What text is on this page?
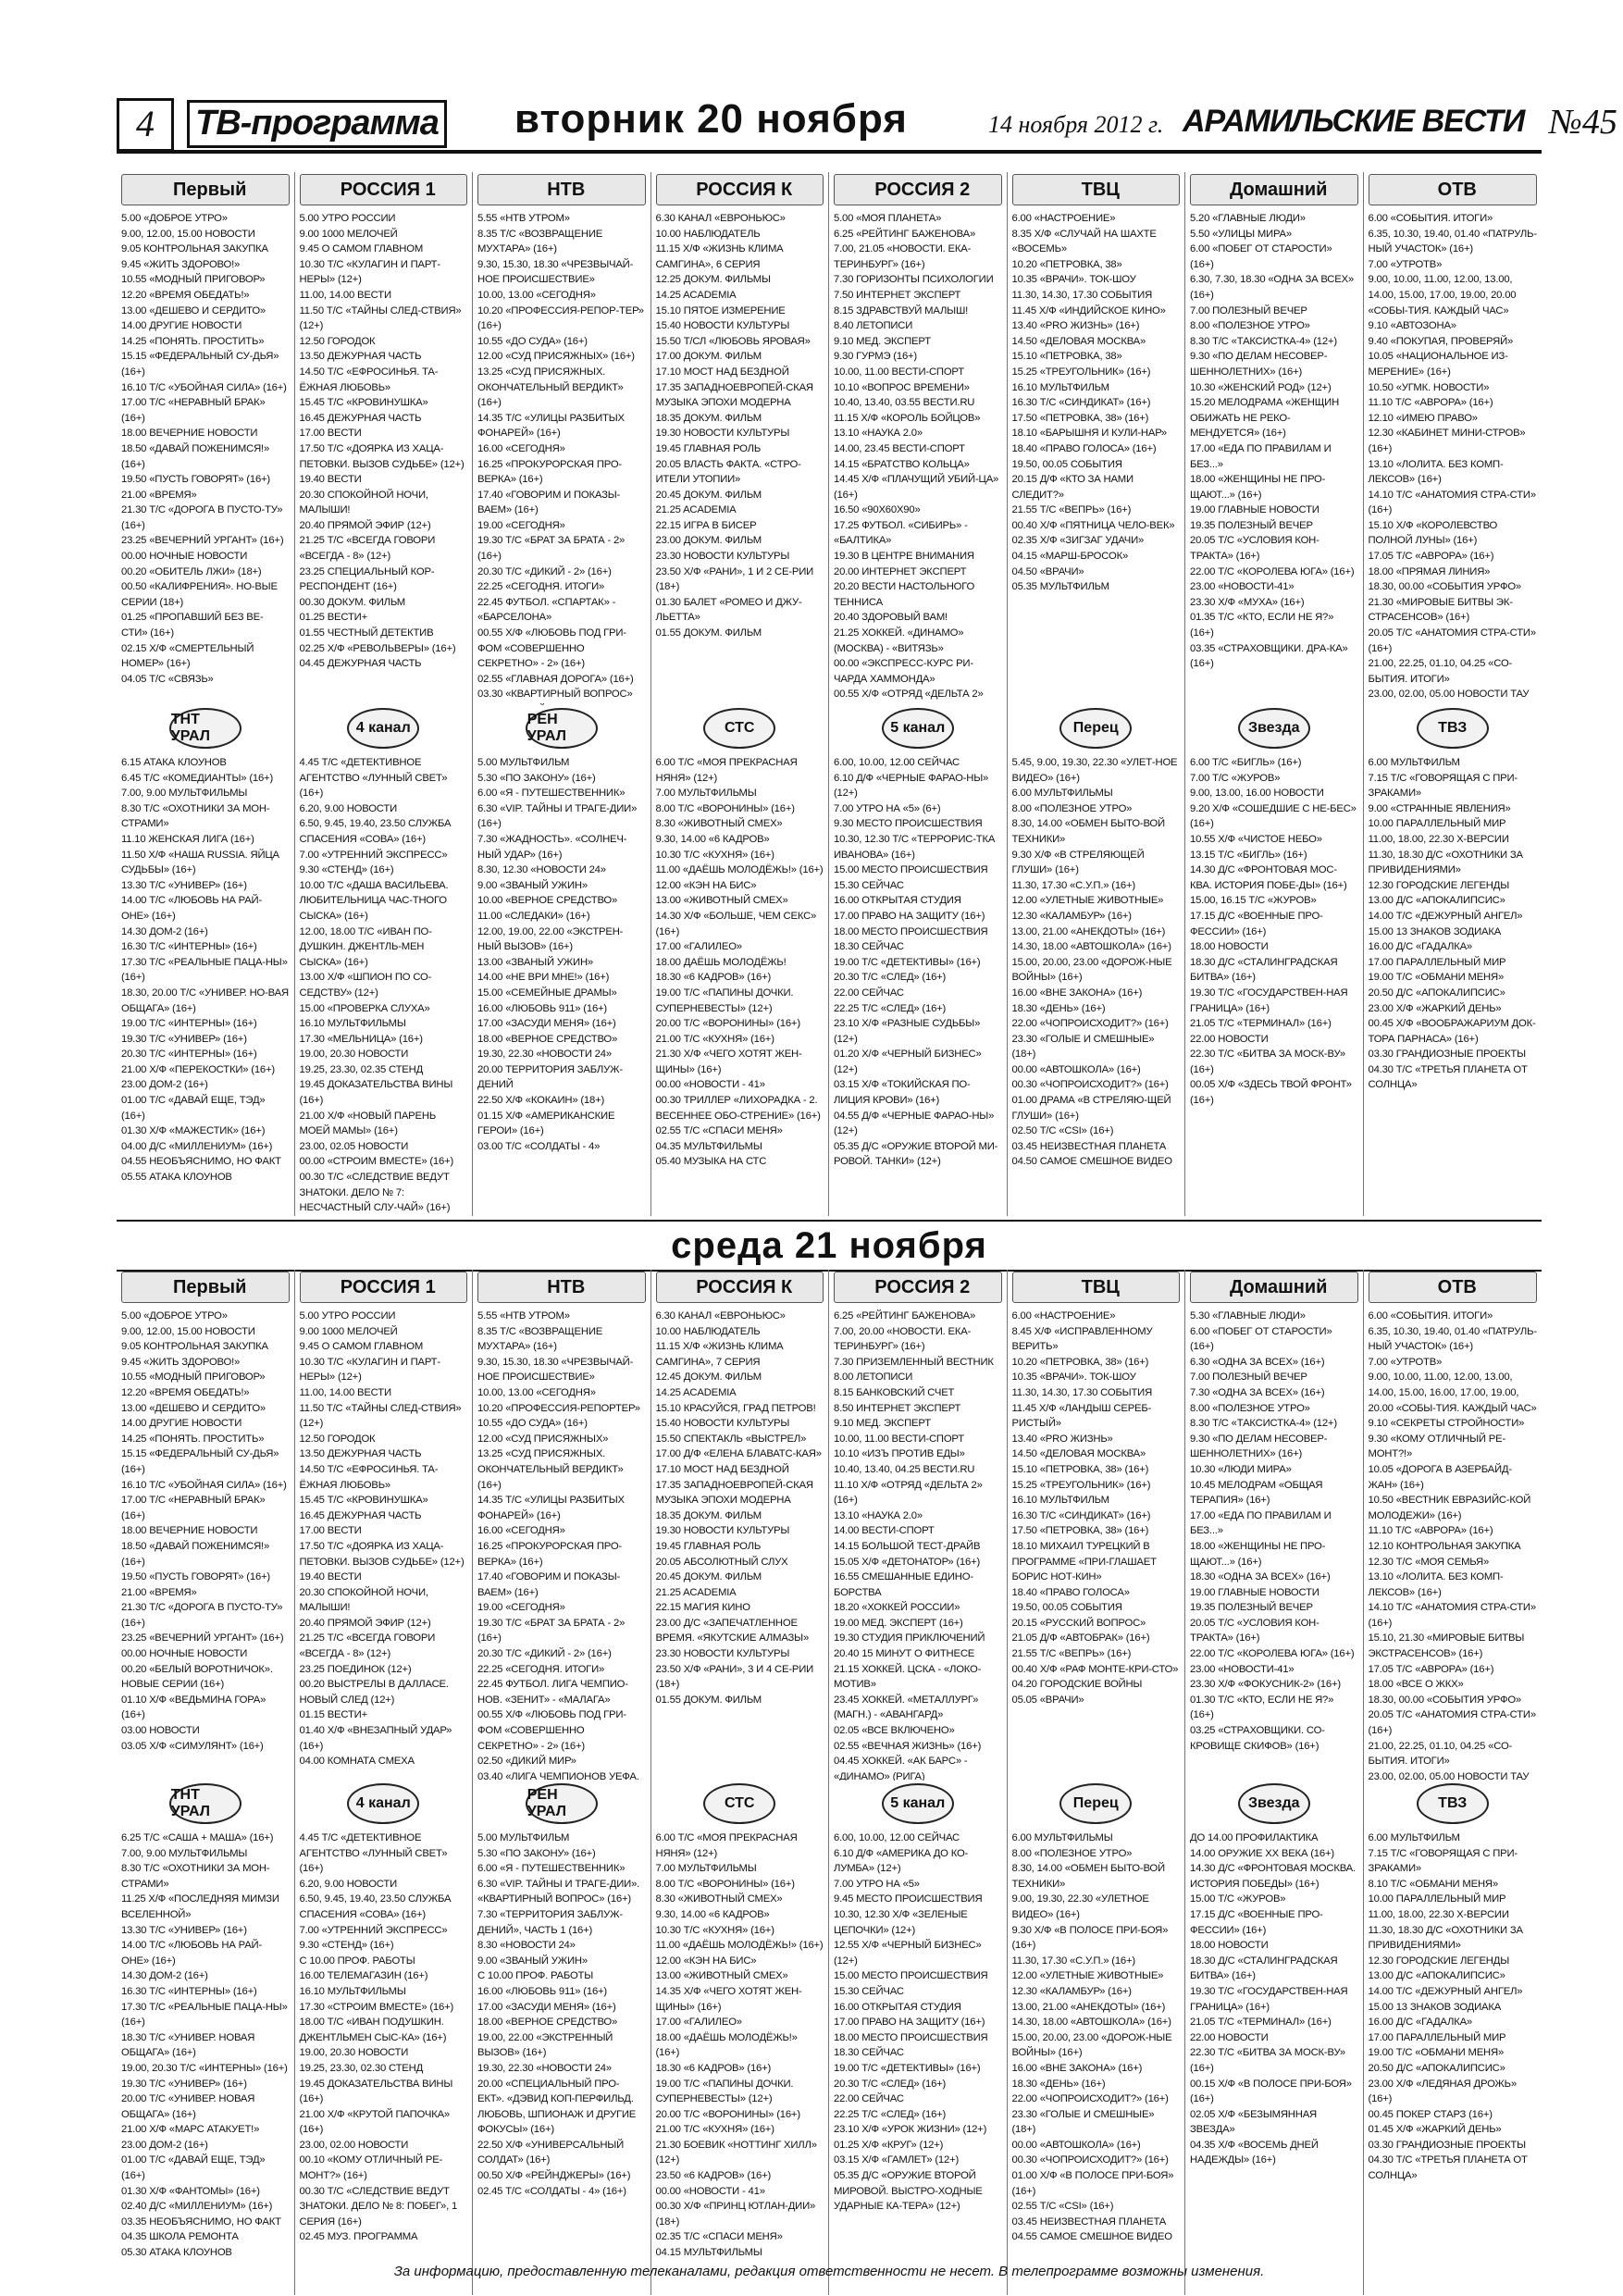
4	ТВ-программа вторник 20 ноября	14 ноября 2012 г. АРАМИЛЬСКИЕ ВЕСТИ №45
Первый
5.00 «ДОБРОЕ УТРО»
9.00, 12.00, 15.00 НОВОСТИ
9.05 КОНТРОЛЬНАЯ ЗАКУПКА
9.45 «ЖИТЬ ЗДОРОВО!»
10.55 «МОДНЫЙ ПРИГОВОР»
12.20 «ВРЕМЯ ОБЕДАТЬ!»
13.00 «ДЕШЕВО И СЕРДИТО»
14.00 ДРУГИЕ НОВОСТИ
14.25 «ПОНЯТЬ. ПРОСТИТЬ»
15.15 «ФЕДЕРАЛЬНЫЙ СУ-ДЬЯ» (16+)
16.10 Т/С «УБОЙНАЯ СИЛА» (16+)
17.00 Т/С «НЕРАВНЫЙ БРАК» (16+)
18.00 ВЕЧЕРНИЕ НОВОСТИ
18.50 «ДАВАЙ ПОЖЕНИМСЯ!» (16+)
19.50 «ПУСТЬ ГОВОРЯТ» (16+)
21.00 «ВРЕМЯ»
21.30 Т/С «ДОРОГА В ПУСТО-ТУ» (16+)
23.25 «ВЕЧЕРНИЙ УРГАНТ» (16+)
00.00 НОЧНЫЕ НОВОСТИ
00.20 «ОБИТЕЛЬ ЛЖИ» (18+)
00.50 «КАЛИФРЕНИЯ». НО-ВЫЕ СЕРИИ (18+)
01.25 «ПРОПАВШИЙ БЕЗ ВЕ-СТИ» (16+)
02.15 Х/Ф «СМЕРТЕЛЬНЫЙ НОМЕР» (16+)
04.05 Т/С «СВЯЗЬ»
РОССИЯ 1
5.00 УТРО РОССИИ
9.00 1000 МЕЛОЧЕЙ
9.45 О САМОМ ГЛАВНОМ
10.30 Т/С «КУЛАГИН И ПАРТ-НЕРЫ» (12+)
11.00, 14.00 ВЕСТИ
11.50 Т/С «ТАЙНЫ СЛЕД-СТВИЯ» (12+)
12.50 ГОРОДОК
13.50 ДЕЖУРНАЯ ЧАСТЬ
14.50 Т/С «ЕФРОСИНЬЯ. ТА-ЁЖНАЯ ЛЮБОВЬ»
15.45 Т/С «КРОВИНУШКА»
16.45 ДЕЖУРНАЯ ЧАСТЬ
17.00 ВЕСТИ
17.50 Т/С «ДОЯРКА ИЗ ХАЦА-ПЕТОВКИ. ВЫЗОВ СУДЬБЕ» (12+)
19.40 ВЕСТИ
20.30 СПОКОЙНОЙ НОЧИ, МАЛЫШИ!
20.40 ПРЯМОЙ ЭФИР (12+)
21.25 Т/С «ВСЕГДА ГОВОРИ «ВСЕГДА - 8» (12+)
23.25 СПЕЦИАЛЬНЫЙ КОР-РЕСПОНДЕНТ (16+)
00.30 ДОКУМ. ФИЛЬМ
01.25 ВЕСТИ+
01.55 ЧЕСТНЫЙ ДЕТЕКТИВ
02.25 Х/Ф «РЕВОЛЬВЕРЫ» (16+)
04.45 ДЕЖУРНАЯ ЧАСТЬ
НТВ
5.55 «НТВ УТРОМ»
8.35 Т/С «ВОЗВРАЩЕНИЕ МУХТАРА» (16+)
9.30, 15.30, 18.30 «ЧРЕЗВЫЧАЙ-НОЕ ПРОИСШЕСТВИЕ»
10.00, 13.00 «СЕГОДНЯ»
10.20 «ПРОФЕССИЯ-РЕПОР-ТЕР» (16+)
10.55 «ДО СУДА» (16+)
12.00 «СУД ПРИСЯЖНЫХ» (16+)
13.25 «СУД ПРИСЯЖНЫХ. ОКОНЧАТЕЛЬНЫЙ ВЕРДИКТ» (16+)
14.35 Т/С «УЛИЦЫ РАЗБИТЫХ ФОНАРЕЙ» (16+)
16.00 «СЕГОДНЯ»
16.25 «ПРОКУРОРСКАЯ ПРО-ВЕРКА» (16+)
17.40 «ГОВОРИМ И ПОКАЗЫ-ВАЕМ» (16+)
19.00 «СЕГОДНЯ»
19.30 Т/С «БРАТ ЗА БРАТА - 2» (16+)
20.30 Т/С «ДИКИЙ - 2» (16+)
22.25 «СЕГОДНЯ. ИТОГИ»
22.45 ФУТБОЛ. «СПАРТАК» - «БАРСЕЛОНА»
00.55 Х/Ф «ЛЮБОВЬ ПОД ГРИ-ФОМ «СОВЕРШЕННО СЕКРЕТНО» - 2» (16+)
02.55 «ГЛАВНАЯ ДОРОГА» (16+)
03.30 «КВАРТИРНЫЙ ВОПРОС»
РОССИЯ К
6.30 КАНАЛ «ЕВРОНЬЮС»
10.00 НАБЛЮДАТЕЛЬ
11.15 Х/Ф «ЖИЗНЬ КЛИМА САМГИНА», 6 СЕРИЯ
12.25 ДОКУМ. ФИЛЬМЫ
14.25 ACADEMIA
15.10 ПЯТОЕ ИЗМЕРЕНИЕ
15.40 НОВОСТИ КУЛЬТУРЫ
15.50 Т/СЛ «ЛЮБОВЬ ЯРОВАЯ»
17.00 ДОКУМ. ФИЛЬМ
17.10 МОСТ НАД БЕЗДНОЙ
17.35 ЗАПАДНОЕВРОПЕЙ-СКАЯ МУЗЫКА ЭПОХИ МОДЕРНА
18.35 ДОКУМ. ФИЛЬМ
19.30 НОВОСТИ КУЛЬТУРЫ
19.45 ГЛАВНАЯ РОЛЬ
20.05 ВЛАСТЬ ФАКТА. «СТРО-ИТЕЛИ УТОПИИ»
20.45 ДОКУМ. ФИЛЬМ
21.25 ACADEMIA
22.15 ИГРА В БИСЕР
23.00 ДОКУМ. ФИЛЬМ
23.30 НОВОСТИ КУЛЬТУРЫ
23.50 Х/Ф «РАНИ», 1 И 2 СЕ-РИИ (18+)
01.30 БАЛЕТ «РОМЕО И ДЖУ-ЛЬЕТТА»
01.55 ДОКУМ. ФИЛЬМ
РОССИЯ 2
5.00 «МОЯ ПЛАНЕТА»
6.25 «РЕЙТИНГ БАЖЕНОВА»
7.00, 21.05 «НОВОСТИ. ЕКА-ТЕРИНБУРГ» (16+)
7.30 ГОРИЗОНТЫ ПСИХОЛОГИИ
7.50 ИНТЕРНЕТ ЭКСПЕРТ
8.15 ЗДРАВСТВУЙ МАЛЫШ!
8.40 ЛЕТОПИСИ
9.10 МЕД. ЭКСПЕРТ
9.30 ГУРМЭ (16+)
10.00, 11.00 ВЕСТИ-СПОРТ
10.10 «ВОПРОС ВРЕМЕНИ»
10.40, 13.40, 03.55 ВЕСТИ.RU
11.15 Х/Ф «КОРОЛЬ БОЙЦОВ»
13.10 «НАУКА 2.0»
14.00, 23.45 ВЕСТИ-СПОРТ
14.15 «БРАТСТВО КОЛЬЦА»
14.45 Х/Ф «ПЛАЧУЩИЙ УБИЙ-ЦА» (16+)
16.50 «90Х60Х90»
17.25 ФУТБОЛ. «СИБИРЬ» - «БАЛТИКА»
19.30 В ЦЕНТРЕ ВНИМАНИЯ
20.00 ИНТЕРНЕТ ЭКСПЕРТ
20.20 ВЕСТИ НАСТОЛЬНОГО ТЕННИСА
20.40 ЗДОРОВЫЙ ВАМ!
21.25 ХОККЕЙ. «ДИНАМО» (МОСКВА) - «ВИТЯЗЬ»
00.00 «ЭКСПРЕСС-КУРС РИ-ЧАРДА ХАММОНДА»
00.55 Х/Ф «ОТРЯД «ДЕЛЬТА 2»
ТВЦ
6.00 «НАСТРОЕНИЕ»
8.35 Х/Ф «СЛУЧАЙ НА ШАХТЕ «ВОСЕМЬ»
10.20 «ПЕТРОВКА, 38»
10.35 «ВРАЧИ». ТОК-ШОУ
11.30, 14.30, 17.30 СОБЫТИЯ
11.45 Х/Ф «ИНДИЙСКОЕ КИНО»
13.40 «PRO ЖИЗНЬ» (16+)
14.50 «ДЕЛОВАЯ МОСКВА»
15.10 «ПЕТРОВКА, 38»
15.25 «ТРЕУГОЛЬНИК» (16+)
16.10 МУЛЬТФИЛЬМ
16.30 Т/С «СИНДИКАТ» (16+)
17.50 «ПЕТРОВКА, 38» (16+)
18.10 «БАРЫШНЯ И КУЛИ-НАР»
18.40 «ПРАВО ГОЛОСА» (16+)
19.50, 00.05 СОБЫТИЯ
20.15 Д/Ф «КТО ЗА НАМИ СЛЕДИТ?»
21.55 Т/С «ВЕПРЬ» (16+)
00.40 Х/Ф «ПЯТНИЦА ЧЕЛО-ВЕК»
02.35 Х/Ф «ЗИГЗАГ УДАЧИ»
04.15 «МАРШ-БРОСОК»
04.50 «ВРАЧИ»
05.35 МУЛЬТФИЛЬМ
Домашний
5.20 «ГЛАВНЫЕ ЛЮДИ»
5.50 «УЛИЦЫ МИРА»
6.00 «ПОБЕГ ОТ СТАРОСТИ» (16+)
6.30, 7.30, 18.30 «ОДНА ЗА ВСЕХ» (16+)
7.00 ПОЛЕЗНЫЙ ВЕЧЕР
8.00 «ПОЛЕЗНОЕ УТРО»
8.30 Т/С «ТАКСИСТКА-4» (12+)
9.30 «ПО ДЕЛАМ НЕСОВЕР-ШЕННОЛЕТНИХ» (16+)
10.30 «ЖЕНСКИЙ РОД» (12+)
15.20 МЕЛОДРАМА «ЖЕНЩИН ОБИЖАТЬ НЕ РЕКО-МЕНДУЕТСЯ» (16+)
17.00 «ЕДА ПО ПРАВИЛАМ И БЕЗ...»
18.00 «ЖЕНЩИНЫ НЕ ПРО-ЩАЮТ...» (16+)
19.00 ГЛАВНЫЕ НОВОСТИ
19.35 ПОЛЕЗНЫЙ ВЕЧЕР
20.05 Т/С «УСЛОВИЯ КОН-ТРАКТА» (16+)
22.00 Т/С «КОРОЛЕВА ЮГА» (16+)
23.00 «НОВОСТИ-41»
23.30 Х/Ф «МУХА» (16+)
01.35 Т/С «КТО, ЕСЛИ НЕ Я?» (16+)
03.35 «СТРАХОВЩИКИ. ДРА-КА» (16+)
ОТВ
6.00 «СОБЫТИЯ. ИТОГИ»
6.35, 10.30, 19.40, 01.40 «ПАТРУЛЬ-НЫЙ УЧАСТОК» (16+)
7.00 «УТРОТВ»
9.00, 10.00, 11.00, 12.00, 13.00, 14.00, 15.00, 17.00, 19.00, 20.00 «СОБЫ-ТИЯ. КАЖДЫЙ ЧАС»
9.10 «АВТОЗОНА»
9.40 «ПОКУПАЯ, ПРОВЕРЯЙ»
10.05 «НАЦИОНАЛЬНОЕ ИЗ-МЕРЕНИЕ» (16+)
10.50 «УГМК. НОВОСТИ»
11.10 Т/С «АВРОРА» (16+)
12.10 «ИМЕЮ ПРАВО»
12.30 «КАБИНЕТ МИНИ-СТРОВ» (16+)
13.10 «ЛОЛИТА. БЕЗ КОМП-ЛЕКСОВ» (16+)
14.10 Т/С «АНАТОМИЯ СТРА-СТИ» (16+)
15.10 Х/Ф «КОРОЛЕВСТВО ПОЛНОЙ ЛУНЫ» (16+)
17.05 Т/С «АВРОРА» (16+)
18.00 «ПРЯМАЯ ЛИНИЯ»
18.30, 00.00 «СОБЫТИЯ УРФО»
21.30 «МИРОВЫЕ БИТВЫ ЭК-СТРАСЕНСОВ» (16+)
20.05 Т/С «АНАТОМИЯ СТРА-СТИ» (16+)
21.00, 22.25, 01.10, 04.25 «СО-БЫТИЯ. ИТОГИ»
23.00, 02.00, 05.00 НОВОСТИ ТАУ
ТНТ УРАЛ
6.15 АТАКА КЛОУНОВ
6.45 Т/С «КОМЕДИАНТЫ» (16+)
7.00, 9.00 МУЛЬТФИЛЬМЫ
8.30 Т/С «ОХОТНИКИ ЗА МОН-СТРАМИ»
11.10 ЖЕНСКАЯ ЛИГА (16+)
11.50 Х/Ф «НАША RUSSIA. ЯЙЦА СУДЬБЫ» (16+)
13.30 Т/С «УНИВЕР» (16+)
14.00 Т/С «ЛЮБОВЬ НА РАЙ-ОНЕ» (16+)
14.30 ДОМ-2 (16+)
16.30 Т/С «ИНТЕРНЫ» (16+)
17.30 Т/С «РЕАЛЬНЫЕ ПАЦА-НЫ» (16+)
18.30, 20.00 Т/С «УНИВЕР. НО-ВАЯ ОБЩАГА» (16+)
19.00 Т/С «ИНТЕРНЫ» (16+)
19.30 Т/С «УНИВЕР» (16+)
20.30 Т/С «ИНТЕРНЫ» (16+)
21.00 Х/Ф «ПЕРЕКОСТКИ» (16+)
23.00 ДОМ-2 (16+)
01.00 Т/С «ДАВАЙ ЕЩЕ, ТЭД» (16+)
01.30 Х/Ф «МАЖЕСТИК» (16+)
04.00 Д/С «МИЛЛЕНИУМ» (16+)
04.55 НЕОБЪЯСНИМО, НО ФАКТ
05.55 АТАКА КЛОУНОВ
4 канал
4.45 Т/С «ДЕТЕКТИВНОЕ АГЕНТСТВО «ЛУННЫЙ СВЕТ» (16+)
6.20, 9.00 НОВОСТИ
6.50, 9.45, 19.40, 23.50 СЛУЖБА СПАСЕНИЯ «СОВА» (16+)
7.00 «УТРЕННИЙ ЭКСПРЕСС»
9.30 «СТЕНД» (16+)
10.00 Т/С «ДАША ВАСИЛЬЕВА. ЛЮБИТЕЛЬНИЦА ЧАС-ТНОГО СЫСКА» (16+)
12.00, 18.00 Т/С «ИВАН ПО-ДУШКИН. ДЖЕНТЛЬ-МЕН СЫСКА» (16+)
13.00 Х/Ф «ШПИОН ПО СО-СЕДСТВУ» (12+)
15.00 «ПРОВЕРКА СЛУХА»
16.10 МУЛЬТФИЛЬМЫ
17.30 «МЕЛЬНИЦА» (16+)
19.00, 20.30 НОВОСТИ
19.25, 23.30, 02.35 СТЕНД
19.45 ДОКАЗАТЕЛЬСТВА ВИНЫ (16+)
21.00 Х/Ф «НОВЫЙ ПАРЕНЬ МОЕЙ МАМЫ» (16+)
23.00, 02.05 НОВОСТИ
00.00 «СТРОИМ ВМЕСТЕ» (16+)
00.30 Т/С «СЛЕДСТВИЕ ВЕДУТ ЗНАТОКИ. ДЕЛО № 7: НЕСЧАСТНЫЙ СЛУ-ЧАЙ» (16+)
РЕН УРАЛ
5.00 МУЛЬТФИЛЬМ
5.30 «ПО ЗАКОНУ» (16+)
6.00 «Я - ПУТЕШЕСТВЕННИК»
6.30 «VIP. ТАЙНЫ И ТРАГЕ-ДИИ» (16+)
7.30 «ЖАДНОСТЬ». «СОЛНЕЧ-НЫЙ УДАР» (16+)
8.30, 12.30 «НОВОСТИ 24»
9.00 «ЗВАНЫЙ УЖИН»
10.00 «ВЕРНОЕ СРЕДСТВО»
11.00 «СЛЕДАКИ» (16+)
12.00, 19.00, 22.00 «ЭКСТРЕН-НЫЙ ВЫЗОВ» (16+)
13.00 «ЗВАНЫЙ УЖИН»
14.00 «НЕ ВРИ МНЕ!» (16+)
15.00 «СЕМЕЙНЫЕ ДРАМЫ»
16.00 «ЛЮБОВЬ 911» (16+)
17.00 «ЗАСУДИ МЕНЯ» (16+)
18.00 «ВЕРНОЕ СРЕДСТВО»
19.30, 22.30 «НОВОСТИ 24»
20.00 ТЕРРИТОРИЯ ЗАБЛУЖ-ДЕНИЙ
22.50 Х/Ф «КОКАИН» (18+)
01.15 Х/Ф «АМЕРИКАНСКИЕ ГЕРОИ» (16+)
03.00 Т/С «СОЛДАТЫ - 4»
СТС
6.00 Т/С «МОЯ ПРЕКРАСНАЯ НЯНЯ» (12+)
7.00 МУЛЬТФИЛЬМЫ
8.00 Т/С «ВОРОНИНЫ» (16+)
8.30 «ЖИВОТНЫЙ СМЕХ»
9.30, 14.00 «6 КАДРОВ»
10.30 Т/С «КУХНЯ» (16+)
11.00 «ДАЁШЬ МОЛОДЁЖЬ!» (16+)
12.00 «КЭН НА БИС»
13.00 «ЖИВОТНЫЙ СМЕХ»
14.30 Х/Ф «БОЛЬШЕ, ЧЕМ СЕКС» (16+)
17.00 «ГАЛИЛЕО»
18.00 ДАЁШЬ МОЛОДЁЖЬ!
18.30 «6 КАДРОВ» (16+)
19.00 Т/С «ПАПИНЫ ДОЧКИ. СУПЕРНЕВЕСТЫ» (12+)
20.00 Т/С «ВОРОНИНЫ» (16+)
21.00 Т/С «КУХНЯ» (16+)
21.30 Х/Ф «ЧЕГО ХОТЯТ ЖЕН-ЩИНЫ» (16+)
00.00 «НОВОСТИ - 41»
00.30 ТРИЛЛЕР «ЛИХОРАДКА - 2. ВЕСЕННЕЕ ОБО-СТРЕНИЕ» (16+)
02.55 Т/С «СПАСИ МЕНЯ»
04.35 МУЛЬТФИЛЬМЫ
05.40 МУЗЫКА НА СТС
5 канал
6.00, 10.00, 12.00 СЕЙЧАС
6.10 Д/Ф «ЧЕРНЫЕ ФАРАО-НЫ» (12+)
7.00 УТРО НА «5» (6+)
9.30 МЕСТО ПРОИСШЕСТВИЯ
10.30, 12.30 Т/С «ТЕРРОРИС-ТКА ИВАНОВА» (16+)
15.00 МЕСТО ПРОИСШЕСТВИЯ
15.30 СЕЙЧАС
16.00 ОТКРЫТАЯ СТУДИЯ
17.00 ПРАВО НА ЗАЩИТУ (16+)
18.00 МЕСТО ПРОИСШЕСТВИЯ
18.30 СЕЙЧАС
19.00 Т/С «ДЕТЕКТИВЫ» (16+)
20.30 Т/С «СЛЕД» (16+)
22.00 СЕЙЧАС
22.25 Т/С «СЛЕД» (16+)
23.10 Х/Ф «РАЗНЫЕ СУДЬБЫ» (12+)
01.20 Х/Ф «ЧЕРНЫЙ БИЗНЕС» (12+)
03.15 Х/Ф «ТОКИЙСКАЯ ПО-ЛИЦИЯ КРОВИ» (16+)
04.55 Д/Ф «ЧЕРНЫЕ ФАРАО-НЫ» (12+)
05.35 Д/С «ОРУЖИЕ ВТОРОЙ МИ-РОВОЙ. ТАНКИ» (12+)
Перец
5.45, 9.00, 19.30, 22.30 «УЛЕТ-НОЕ ВИДЕО» (16+)
6.00 МУЛЬТФИЛЬМЫ
8.00 «ПОЛЕЗНОЕ УТРО»
8.30, 14.00 «ОБМЕН БЫТО-ВОЙ ТЕХНИКИ»
9.30 Х/Ф «В СТРЕЛЯЮЩЕЙ ГЛУШИ» (16+)
11.30, 17.30 «С.У.П.» (16+)
12.00 «УЛЕТНЫЕ ЖИВОТНЫЕ»
12.30 «КАЛАМБУР» (16+)
13.00, 21.00 «АНЕКДОТЫ» (16+)
14.30, 18.00 «АВТОШКОЛА» (16+)
15.00, 20.00, 23.00 «ДОРОЖ-НЫЕ ВОЙНЫ» (16+)
16.00 «ВНЕ ЗАКОНА» (16+)
18.30 «ДЕНЬ» (16+)
22.00 «ЧОПРОИСХОДИТ?» (16+)
23.30 «ГОЛЫЕ И СМЕШНЫЕ» (18+)
00.00 «АВТОШКОЛА» (16+)
00.30 «ЧОПРОИСХОДИТ?» (16+)
01.00 ДРАМА «В СТРЕЛЯЮ-ЩЕЙ ГЛУШИ» (16+)
02.50 Т/С «CSI» (16+)
03.45 НЕИЗВЕСТНАЯ ПЛАНЕТА
04.50 САМОЕ СМЕШНОЕ ВИДЕО
Звезда
6.00 Т/С «БИГЛЬ» (16+)
7.00 Т/С «ЖУРОВ»
9.00, 13.00, 16.00 НОВОСТИ
9.20 Х/Ф «СОШЕДШИЕ С НЕ-БЕС» (16+)
10.55 Х/Ф «ЧИСТОЕ НЕБО»
13.15 Т/С «БИГЛЬ» (16+)
14.30 Д/С «ФРОНТОВАЯ МОС-КВА. ИСТОРИЯ ПОБЕ-ДЫ» (16+)
15.00, 16.15 Т/С «ЖУРОВ»
17.15 Д/С «ВОЕННЫЕ ПРО-ФЕССИИ» (16+)
18.00 НОВОСТИ
18.30 Д/С «СТАЛИНГРАДСКАЯ БИТВА» (16+)
19.30 Т/С «ГОСУДАРСТВЕН-НАЯ ГРАНИЦА» (16+)
21.05 Т/С «ТЕРМИНАЛ» (16+)
22.00 НОВОСТИ
22.30 Т/С «БИТВА ЗА МОСК-ВУ» (16+)
00.05 Х/Ф «ЗДЕСЬ ТВОЙ ФРОНТ» (16+)
ТВЗ
6.00 МУЛЬТФИЛЬМ
7.15 Т/С «ГОВОРЯЩАЯ С ПРИ-ЗРАКАМИ»
9.00 «СТРАННЫЕ ЯВЛЕНИЯ»
10.00 ПАРАЛЛЕЛЬНЫЙ МИР
11.00, 18.00, 22.30 Х-ВЕРСИИ
11.30, 18.30 Д/С «ОХОТНИКИ ЗА ПРИВИДЕНИЯМИ»
12.30 ГОРОДСКИЕ ЛЕГЕНДЫ
13.00 Д/С «АПОКАЛИПСИС»
14.00 Т/С «ДЕЖУРНЫЙ АНГЕЛ»
15.00 13 ЗНАКОВ ЗОДИАКА
16.00 Д/С «ГАДАЛКА»
17.00 ПАРАЛЛЕЛЬНЫЙ МИР
19.00 Т/С «ОБМАНИ МЕНЯ»
20.50 Д/С «АПОКАЛИПСИС»
23.00 Х/Ф «ЖАРКИЙ ДЕНЬ»
00.45 Х/Ф «ВООБРАЖАРИУМ ДОК-ТОРА ПАРНАСА» (16+)
03.30 ГРАНДИОЗНЫЕ ПРОЕКТЫ
04.30 Т/С «ТРЕТЬЯ ПЛАНЕТА ОТ СОЛНЦА»
среда 21 ноября
Первый
5.00 «ДОБРОЕ УТРО»
9.00, 12.00, 15.00 НОВОСТИ
9.05 КОНТРОЛЬНАЯ ЗАКУПКА
9.45 «ЖИТЬ ЗДОРОВО!»
10.55 «МОДНЫЙ ПРИГОВОР»
12.20 «ВРЕМЯ ОБЕДАТЬ!»
13.00 «ДЕШЕВО И СЕРДИТО»
14.00 ДРУГИЕ НОВОСТИ
14.25 «ПОНЯТЬ. ПРОСТИТЬ»
15.15 «ФЕДЕРАЛЬНЫЙ СУ-ДЬЯ» (16+)
16.10 Т/С «УБОЙНАЯ СИЛА» (16+)
17.00 Т/С «НЕРАВНЫЙ БРАК» (16+)
18.00 ВЕЧЕРНИЕ НОВОСТИ
18.50 «ДАВАЙ ПОЖЕНИМСЯ!» (16+)
19.50 «ПУСТЬ ГОВОРЯТ» (16+)
21.00 «ВРЕМЯ»
21.30 Т/С «ДОРОГА В ПУСТО-ТУ» (16+)
23.25 «ВЕЧЕРНИЙ УРГАНТ» (16+)
00.00 НОЧНЫЕ НОВОСТИ
00.20 «БЕЛЫЙ ВОРОТНИЧОК». НОВЫЕ СЕРИИ (16+)
01.10 Х/Ф «ВЕДЬМИНА ГОРА» (16+)
03.00 НОВОСТИ
03.05 Х/Ф «СИМУЛЯНТ» (16+)
РОССИЯ 1
5.00 УТРО РОССИИ
9.00 1000 МЕЛОЧЕЙ
9.45 О САМОМ ГЛАВНОМ
10.30 Т/С «КУЛАГИН И ПАРТ-НЕРЫ» (12+)
11.00, 14.00 ВЕСТИ
11.50 Т/С «ТАЙНЫ СЛЕД-СТВИЯ» (12+)
12.50 ГОРОДОК
13.50 ДЕЖУРНАЯ ЧАСТЬ
14.50 Т/С «ЕФРОСИНЬЯ. ТА-ЁЖНАЯ ЛЮБОВЬ»
15.45 Т/С «КРОВИНУШКА»
16.45 ДЕЖУРНАЯ ЧАСТЬ
17.00 ВЕСТИ
17.50 Т/С «ДОЯРКА ИЗ ХАЦА-ПЕТОВКИ. ВЫЗОВ СУДЬБЕ» (12+)
19.40 ВЕСТИ
20.30 СПОКОЙНОЙ НОЧИ, МАЛЫШИ!
20.40 ПРЯМОЙ ЭФИР (12+)
21.25 Т/С «ВСЕГДА ГОВОРИ «ВСЕГДА - 8» (12+)
23.25 ПОЕДИНОК (12+)
00.20 ВЫСТРЕЛЫ В ДАЛЛАСЕ. НОВЫЙ СЛЕД (12+)
01.15 ВЕСТИ+
01.40 Х/Ф «ВНЕЗАПНЫЙ УДАР» (16+)
04.00 КОМНАТА СМЕХА
НТВ
5.55 «НТВ УТРОМ»
8.35 Т/С «ВОЗВРАЩЕНИЕ МУХТАРА» (16+)
9.30, 15.30, 18.30 «ЧРЕЗВЫЧАЙ-НОЕ ПРОИСШЕСТВИЕ»
10.00, 13.00 «СЕГОДНЯ»
10.20 «ПРОФЕССИЯ-РЕПОРТЕР»
10.55 «ДО СУДА» (16+)
12.00 «СУД ПРИСЯЖНЫХ»
13.25 «СУД ПРИСЯЖНЫХ. ОКОНЧАТЕЛЬНЫЙ ВЕРДИКТ» (16+)
14.35 Т/С «УЛИЦЫ РАЗБИТЫХ ФОНАРЕЙ» (16+)
16.00 «СЕГОДНЯ»
16.25 «ПРОКУРОРСКАЯ ПРО-ВЕРКА» (16+)
17.40 «ГОВОРИМ И ПОКАЗЫ-ВАЕМ» (16+)
19.00 «СЕГОДНЯ»
19.30 Т/С «БРАТ ЗА БРАТА - 2» (16+)
20.30 Т/С «ДИКИЙ - 2» (16+)
22.25 «СЕГОДНЯ. ИТОГИ»
22.45 ФУТБОЛ. ЛИГА ЧЕМПИО-НОВ. «ЗЕНИТ» - «МАЛАГА»
00.55 Х/Ф «ЛЮБОВЬ ПОД ГРИ-ФОМ «СОВЕРШЕННО СЕКРЕТНО» - 2» (16+)
02.50 «ДИКИЙ МИР»
03.40 «ЛИГА ЧЕМПИОНОВ УЕФА.
РОССИЯ К
6.30 КАНАЛ «ЕВРОНЬЮС»
10.00 НАБЛЮДАТЕЛЬ
11.15 Х/Ф «ЖИЗНЬ КЛИМА САМГИНА», 7 СЕРИЯ
12.45 ДОКУМ. ФИЛЬМ
14.25 ACADEMIA
15.10 КРАСУЙСЯ, ГРАД ПЕТРОВ!
15.40 НОВОСТИ КУЛЬТУРЫ
15.50 СПЕКТАКЛЬ «ВЫСТРЕЛ»
17.00 Д/Ф «ЕЛЕНА БЛАВАТС-КАЯ»
17.10 МОСТ НАД БЕЗДНОЙ
17.35 ЗАПАДНОЕВРОПЕЙ-СКАЯ МУЗЫКА ЭПОХИ МОДЕРНА
18.35 ДОКУМ. ФИЛЬМ
19.30 НОВОСТИ КУЛЬТУРЫ
19.45 ГЛАВНАЯ РОЛЬ
20.05 АБСОЛЮТНЫЙ СЛУХ
20.45 ДОКУМ. ФИЛЬМ
21.25 ACADEMIA
22.15 МАГИЯ КИНО
23.00 Д/С «ЗАПЕЧАТЛЕННОЕ ВРЕМЯ. «ЯКУТСКИЕ АЛМАЗЫ»
23.30 НОВОСТИ КУЛЬТУРЫ
23.50 Х/Ф «РАНИ», 3 И 4 СЕ-РИИ (18+)
01.55 ДОКУМ. ФИЛЬМ
РОССИЯ 2
6.25 «РЕЙТИНГ БАЖЕНОВА»
7.00, 20.00 «НОВОСТИ. ЕКА-ТЕРИНБУРГ» (16+)
7.30 ПРИЗЕМЛЕННЫЙ ВЕСТНИК
8.00 ЛЕТОПИСИ
8.15 БАНКОВСКИЙ СЧЕТ
8.50 ИНТЕРНЕТ ЭКСПЕРТ
9.10 МЕД. ЭКСПЕРТ
10.00, 11.00 ВЕСТИ-СПОРТ
10.10 «ИЗЪ ПРОТИВ ЕДЫ»
10.40, 13.40, 04.25 ВЕСТИ.RU
11.10 Х/Ф «ОТРЯД «ДЕЛЬТА 2» (16+)
13.10 «НАУКА 2.0»
14.00 ВЕСТИ-СПОРТ
14.15 БОЛЬШОЙ ТЕСТ-ДРАЙВ
15.05 Х/Ф «ДЕТОНАТОР» (16+)
16.55 СМЕШАННЫЕ ЕДИНО-БОРСТВА
18.20 «ХОККЕЙ РОССИИ»
19.00 МЕД. ЭКСПЕРТ (16+)
19.30 СТУДИЯ ПРИКЛЮЧЕНИЙ
20.40 15 МИНУТ О ФИТНЕСЕ
21.15 ХОККЕЙ. ЦСКА - «ЛОКО-МОТИВ»
23.45 ХОККЕЙ. «МЕТАЛЛУРГ» (МАГН.) - «АВАНГАРД»
02.05 «ВСЕ ВКЛЮЧЕНО»
02.55 «ВЕЧНАЯ ЖИЗНЬ» (16+)
04.45 ХОККЕЙ. «АК БАРС» - «ДИНАМО» (РИГА)
ТВЦ
6.00 «НАСТРОЕНИЕ»
8.45 Х/Ф «ИСПРАВЛЕННОМУ ВЕРИТЬ»
10.20 «ПЕТРОВКА, 38» (16+)
10.35 «ВРАЧИ». ТОК-ШОУ
11.30, 14.30, 17.30 СОБЫТИЯ
11.45 Х/Ф «ЛАНДЫШ СЕРЕБ-РИСТЫЙ»
13.40 «PRO ЖИЗНЬ»
14.50 «ДЕЛОВАЯ МОСКВА»
15.10 «ПЕТРОВКА, 38» (16+)
15.25 «ТРЕУГОЛЬНИК» (16+)
16.10 МУЛЬТФИЛЬМ
16.30 Т/С «СИНДИКАТ» (16+)
17.50 «ПЕТРОВКА, 38» (16+)
18.10 МИХАИЛ ТУРЕЦКИЙ В ПРОГРАММЕ «ПРИ-ГЛАШАЕТ БОРИС НОТ-КИН»
18.40 «ПРАВО ГОЛОСА»
19.50, 00.05 СОБЫТИЯ
20.15 «РУССКИЙ ВОПРОС»
21.05 Д/Ф «АВТОБРАК» (16+)
21.55 Т/С «ВЕПРЬ» (16+)
00.40 Х/Ф «РАФ МОНТЕ-КРИ-СТО»
04.20 ГОРОДСКИЕ ВОЙНЫ
05.05 «ВРАЧИ»
Домашний
5.30 «ГЛАВНЫЕ ЛЮДИ»
6.00 «ПОБЕГ ОТ СТАРОСТИ» (16+)
6.30 «ОДНА ЗА ВСЕХ» (16+)
7.00 ПОЛЕЗНЫЙ ВЕЧЕР
7.30 «ОДНА ЗА ВСЕХ» (16+)
8.00 «ПОЛЕЗНОЕ УТРО»
8.30 Т/С «ТАКСИСТКА-4» (12+)
9.30 «ПО ДЕЛАМ НЕСОВЕР-ШЕННОЛЕТНИХ» (16+)
10.30 «ЛЮДИ МИРА»
10.45 МЕЛОДРАМ «ОБЩАЯ ТЕРАПИЯ» (16+)
17.00 «ЕДА ПО ПРАВИЛАМ И БЕЗ...»
18.00 «ЖЕНЩИНЫ НЕ ПРО-ЩАЮТ...» (16+)
18.30 «ОДНА ЗА ВСЕХ» (16+)
19.00 ГЛАВНЫЕ НОВОСТИ
19.35 ПОЛЕЗНЫЙ ВЕЧЕР
20.05 Т/С «УСЛОВИЯ КОН-ТРАКТА» (16+)
22.00 Т/С «КОРОЛЕВА ЮГА» (16+)
23.00 «НОВОСТИ-41»
23.30 Х/Ф «ФОКУСНИК-2» (16+)
01.30 Т/С «КТО, ЕСЛИ НЕ Я?» (16+)
03.25 «СТРАХОВЩИКИ. СО-КРОВИЩЕ СКИФОВ» (16+)
ОТВ
6.00 «СОБЫТИЯ. ИТОГИ»
6.35, 10.30, 19.40, 01.40 «ПАТРУЛЬ-НЫЙ УЧАСТОК» (16+)
7.00 «УТРОТВ»
9.00, 10.00, 11.00, 12.00, 13.00, 14.00, 15.00, 16.00, 17.00, 19.00, 20.00 «СОБЫ-ТИЯ. КАЖДЫЙ ЧАС»
9.10 «СЕКРЕТЫ СТРОЙНОСТИ»
9.30 «КОМУ ОТЛИЧНЫЙ РЕ-МОНТ?!»
10.05 «ДОРОГА В АЗЕРБАЙД-ЖАН» (16+)
10.50 «ВЕСТНИК ЕВРАЗИЙС-КОЙ МОЛОДЕЖИ» (16+)
11.10 Т/С «АВРОРА» (16+)
12.10 КОНТРОЛЬНАЯ ЗАКУПКА
12.30 Т/С «МОЯ СЕМЬЯ»
13.10 «ЛОЛИТА. БЕЗ КОМП-ЛЕКСОВ» (16+)
14.10 Т/С «АНАТОМИЯ СТРА-СТИ» (16+)
15.10, 21.30 «МИРОВЫЕ БИТВЫ ЭКСТРАСЕНСОВ» (16+)
17.05 Т/С «АВРОРА» (16+)
18.00 «ВСЕ О ЖКХ»
18.30, 00.00 «СОБЫТИЯ УРФО»
20.05 Т/С «АНАТОМИЯ СТРА-СТИ» (16+)
21.00, 22.25, 01.10, 04.25 «СО-БЫТИЯ. ИТОГИ»
23.00, 02.00, 05.00 НОВОСТИ ТАУ
ТНТ УРАЛ
6.25 Т/С «САША + МАША» (16+)
7.00, 9.00 МУЛЬТФИЛЬМЫ
8.30 Т/С «ОХОТНИКИ ЗА МОН-СТРАМИ»
11.25 Х/Ф «ПОСЛЕДНЯЯ МИМЗИ ВСЕЛЕННОЙ»
13.30 Т/С «УНИВЕР» (16+)
14.00 Т/С «ЛЮБОВЬ НА РАЙ-ОНЕ» (16+)
14.30 ДОМ-2 (16+)
16.30 Т/С «ИНТЕРНЫ» (16+)
17.30 Т/С «РЕАЛЬНЫЕ ПАЦА-НЫ» (16+)
18.30 Т/С «УНИВЕР. НОВАЯ ОБЩАГА» (16+)
19.00, 20.30 Т/С «ИНТЕРНЫ» (16+)
19.30 Т/С «УНИВЕР» (16+)
20.00 Т/С «УНИВЕР. НОВАЯ ОБЩАГА» (16+)
21.00 Х/Ф «МАРС АТАКУЕТ!»
23.00 ДОМ-2 (16+)
01.00 Т/С «ДАВАЙ ЕЩЕ, ТЭД» (16+)
01.30 Х/Ф «ФАНТОМЫ» (16+)
02.40 Д/С «МИЛЛЕНИУМ» (16+)
03.35 НЕОБЪЯСНИМО, НО ФАКТ
04.35 ШКОЛА РЕМОНТА
05.30 АТАКА КЛОУНОВ
4 канал
4.45 Т/С «ДЕТЕКТИВНОЕ АГЕНТСТВО «ЛУННЫЙ СВЕТ» (16+)
6.20, 9.00 НОВОСТИ
6.50, 9.45, 19.40, 23.50 СЛУЖБА СПАСЕНИЯ «СОВА» (16+)
7.00 «УТРЕННИЙ ЭКСПРЕСС»
9.30 «СТЕНД» (16+)
С 10.00 ПРОФ. РАБОТЫ
16.00 ТЕЛЕМАГАЗИН (16+)
16.10 МУЛЬТФИЛЬМЫ
17.30 «СТРОИМ ВМЕСТЕ» (16+)
18.00 Т/С «ИВАН ПОДУШКИН. ДЖЕНТЛЬМЕН СЫС-КА» (16+)
19.00, 20.30 НОВОСТИ
19.25, 23.30, 02.30 СТЕНД
19.45 ДОКАЗАТЕЛЬСТВА ВИНЫ (16+)
21.00 Х/Ф «КРУТОЙ ПАПОЧКА» (16+)
23.00, 02.00 НОВОСТИ
00.10 «КОМУ ОТЛИЧНЫЙ РЕ-МОНТ?» (16+)
00.30 Т/С «СЛЕДСТВИЕ ВЕДУТ ЗНАТОКИ. ДЕЛО № 8: ПОБЕГ», 1 СЕРИЯ (16+)
02.45 МУЗ. ПРОГРАММА
РЕН УРАЛ
5.00 МУЛЬТФИЛЬМ
5.30 «ПО ЗАКОНУ» (16+)
6.00 «Я - ПУТЕШЕСТВЕННИК»
6.30 «VIP. ТАЙНЫ И ТРАГЕ-ДИИ». «КВАРТИРНЫЙ ВОПРОС» (16+)
7.30 «ТЕРРИТОРИЯ ЗАБЛУЖ-ДЕНИЙ», ЧАСТЬ 1 (16+)
8.30 «НОВОСТИ 24»
9.00 «ЗВАНЫЙ УЖИН»
С 10.00 ПРОФ. РАБОТЫ
16.00 «ЛЮБОВЬ 911» (16+)
17.00 «ЗАСУДИ МЕНЯ» (16+)
18.00 «ВЕРНОЕ СРЕДСТВО»
19.00, 22.00 «ЭКСТРЕННЫЙ ВЫЗОВ» (16+)
19.30, 22.30 «НОВОСТИ 24»
20.00 «СПЕЦИАЛЬНЫЙ ПРО-ЕКТ». «ДЭВИД КОП-ПЕРФИЛЬД. ЛЮБОВЬ, ШПИОНАЖ И ДРУГИЕ ФОКУСЫ» (16+)
22.50 Х/Ф «УНИВЕРСАЛЬНЫЙ СОЛДАТ» (16+)
00.50 Х/Ф «РЕЙНДЖЕРЫ» (16+)
02.45 Т/С «СОЛДАТЫ - 4» (16+)
СТС
6.00 Т/С «МОЯ ПРЕКРАСНАЯ НЯНЯ» (12+)
7.00 МУЛЬТФИЛЬМЫ
8.00 Т/С «ВОРОНИНЫ» (16+)
8.30 «ЖИВОТНЫЙ СМЕХ»
9.30, 14.00 «6 КАДРОВ»
10.30 Т/С «КУХНЯ» (16+)
11.00 «ДАЁШЬ МОЛОДЁЖЬ!» (16+)
12.00 «КЭН НА БИС»
13.00 «ЖИВОТНЫЙ СМЕХ»
14.35 Х/Ф «ЧЕГО ХОТЯТ ЖЕН-ЩИНЫ» (16+)
17.00 «ГАЛИЛЕО»
18.00 «ДАЁШЬ МОЛОДЁЖЬ!» (16+)
18.30 «6 КАДРОВ» (16+)
19.00 Т/С «ПАПИНЫ ДОЧКИ. СУПЕРНЕВЕСТЫ» (12+)
20.00 Т/С «ВОРОНИНЫ» (16+)
21.00 Т/С «КУХНЯ» (16+)
21.30 БОЕВИК «НОТТИНГ ХИЛЛ» (12+)
23.50 «6 КАДРОВ» (16+)
00.00 «НОВОСТИ - 41»
00.30 Х/Ф «ПРИНЦ ЮТЛАН-ДИИ» (18+)
02.35 Т/С «СПАСИ МЕНЯ»
04.15 МУЛЬТФИЛЬМЫ
5 канал
6.00, 10.00, 12.00 СЕЙЧАС
6.10 Д/Ф «АМЕРИКА ДО КО-ЛУМБА» (12+)
7.00 УТРО НА «5»
9.45 МЕСТО ПРОИСШЕСТВИЯ
10.30, 12.30 Х/Ф «ЗЕЛЕНЫЕ ЦЕПОЧКИ» (12+)
12.55 Х/Ф «ЧЕРНЫЙ БИЗНЕС» (12+)
15.00 МЕСТО ПРОИСШЕСТВИЯ
15.30 СЕЙЧАС
16.00 ОТКРЫТАЯ СТУДИЯ
17.00 ПРАВО НА ЗАЩИТУ (16+)
18.00 МЕСТО ПРОИСШЕСТВИЯ
18.30 СЕЙЧАС
19.00 Т/С «ДЕТЕКТИВЫ» (16+)
20.30 Т/С «СЛЕД» (16+)
22.00 СЕЙЧАС
22.25 Т/С «СЛЕД» (16+)
23.10 Х/Ф «УРОК ЖИЗНИ» (12+)
01.25 Х/Ф «КРУГ» (12+)
03.15 Х/Ф «ГАМЛЕТ» (12+)
05.35 Д/С «ОРУЖИЕ ВТОРОЙ МИРОВОЙ. ВЫСТРО-ХОДНЫЕ УДАРНЫЕ КА-ТЕРА» (12+)
Перец
6.00 МУЛЬТФИЛЬМЫ
8.00 «ПОЛЕЗНОЕ УТРО»
8.30, 14.00 «ОБМЕН БЫТО-ВОЙ ТЕХНИКИ»
9.00, 19.30, 22.30 «УЛЕТНОЕ ВИДЕО» (16+)
9.30 Х/Ф «В ПОЛОСЕ ПРИ-БОЯ» (16+)
11.30, 17.30 «С.У.П.» (16+)
12.00 «УЛЕТНЫЕ ЖИВОТНЫЕ»
12.30 «КАЛАМБУР» (16+)
13.00, 21.00 «АНЕКДОТЫ» (16+)
14.30, 18.00 «АВТОШКОЛА» (16+)
15.00, 20.00, 23.00 «ДОРОЖ-НЫЕ ВОЙНЫ» (16+)
16.00 «ВНЕ ЗАКОНА» (16+)
18.30 «ДЕНЬ» (16+)
22.00 «ЧОПРОИСХОДИТ?» (16+)
23.30 «ГОЛЫЕ И СМЕШНЫЕ» (18+)
00.00 «АВТОШКОЛА» (16+)
00.30 «ЧОПРОИСХОДИТ?» (16+)
01.00 Х/Ф «В ПОЛОСЕ ПРИ-БОЯ» (16+)
02.55 Т/С «CSI» (16+)
03.45 НЕИЗВЕСТНАЯ ПЛАНЕТА
04.55 САМОЕ СМЕШНОЕ ВИДЕО
Звезда
ДО 14.00 ПРОФИЛАКТИКА
14.00 ОРУЖИЕ XX ВЕКА (16+)
14.30 Д/С «ФРОНТОВАЯ МОСКВА. ИСТОРИЯ ПОБЕДЫ» (16+)
15.00 Т/С «ЖУРОВ»
17.15 Д/С «ВОЕННЫЕ ПРО-ФЕССИИ» (16+)
18.00 НОВОСТИ
18.30 Д/С «СТАЛИНГРАДСКАЯ БИТВА» (16+)
19.30 Т/С «ГОСУДАРСТВЕН-НАЯ ГРАНИЦА» (16+)
21.05 Т/С «ТЕРМИНАЛ» (16+)
22.00 НОВОСТИ
22.30 Т/С «БИТВА ЗА МОСК-ВУ» (16+)
00.15 Х/Ф «В ПОЛОСЕ ПРИ-БОЯ» (16+)
02.05 Х/Ф «БЕЗЫМЯННАЯ ЗВЕЗДА»
04.35 Х/Ф «ВОСЕМЬ ДНЕЙ НАДЕЖДЫ» (16+)
ТВЗ
6.00 МУЛЬТФИЛЬМ
7.15 Т/С «ГОВОРЯЩАЯ С ПРИ-ЗРАКАМИ»
8.10 Т/С «ОБМАНИ МЕНЯ»
10.00 ПАРАЛЛЕЛЬНЫЙ МИР
11.00, 18.00, 22.30 Х-ВЕРСИИ
11.30, 18.30 Д/С «ОХОТНИКИ ЗА ПРИВИДЕНИЯМИ»
12.30 ГОРОДСКИЕ ЛЕГЕНДЫ
13.00 Д/С «АПОКАЛИПСИС»
14.00 Т/С «ДЕЖУРНЫЙ АНГЕЛ»
15.00 13 ЗНАКОВ ЗОДИАКА
16.00 Д/С «ГАДАЛКА»
17.00 ПАРАЛЛЕЛЬНЫЙ МИР
19.00 Т/С «ОБМАНИ МЕНЯ»
20.50 Д/С «АПОКАЛИПСИС»
23.00 Х/Ф «ЛЕДЯНАЯ ДРОЖЬ» (16+)
00.45 ПОКЕР СТАРЗ (16+)
01.45 Х/Ф «ЖАРКИЙ ДЕНЬ»
03.30 ГРАНДИОЗНЫЕ ПРОЕКТЫ
04.30 Т/С «ТРЕТЬЯ ПЛАНЕТА ОТ СОЛНЦА»
За информацию, предоставленную телеканалами, редакция ответственности не несет. В телепрограмме возможны изменения.
